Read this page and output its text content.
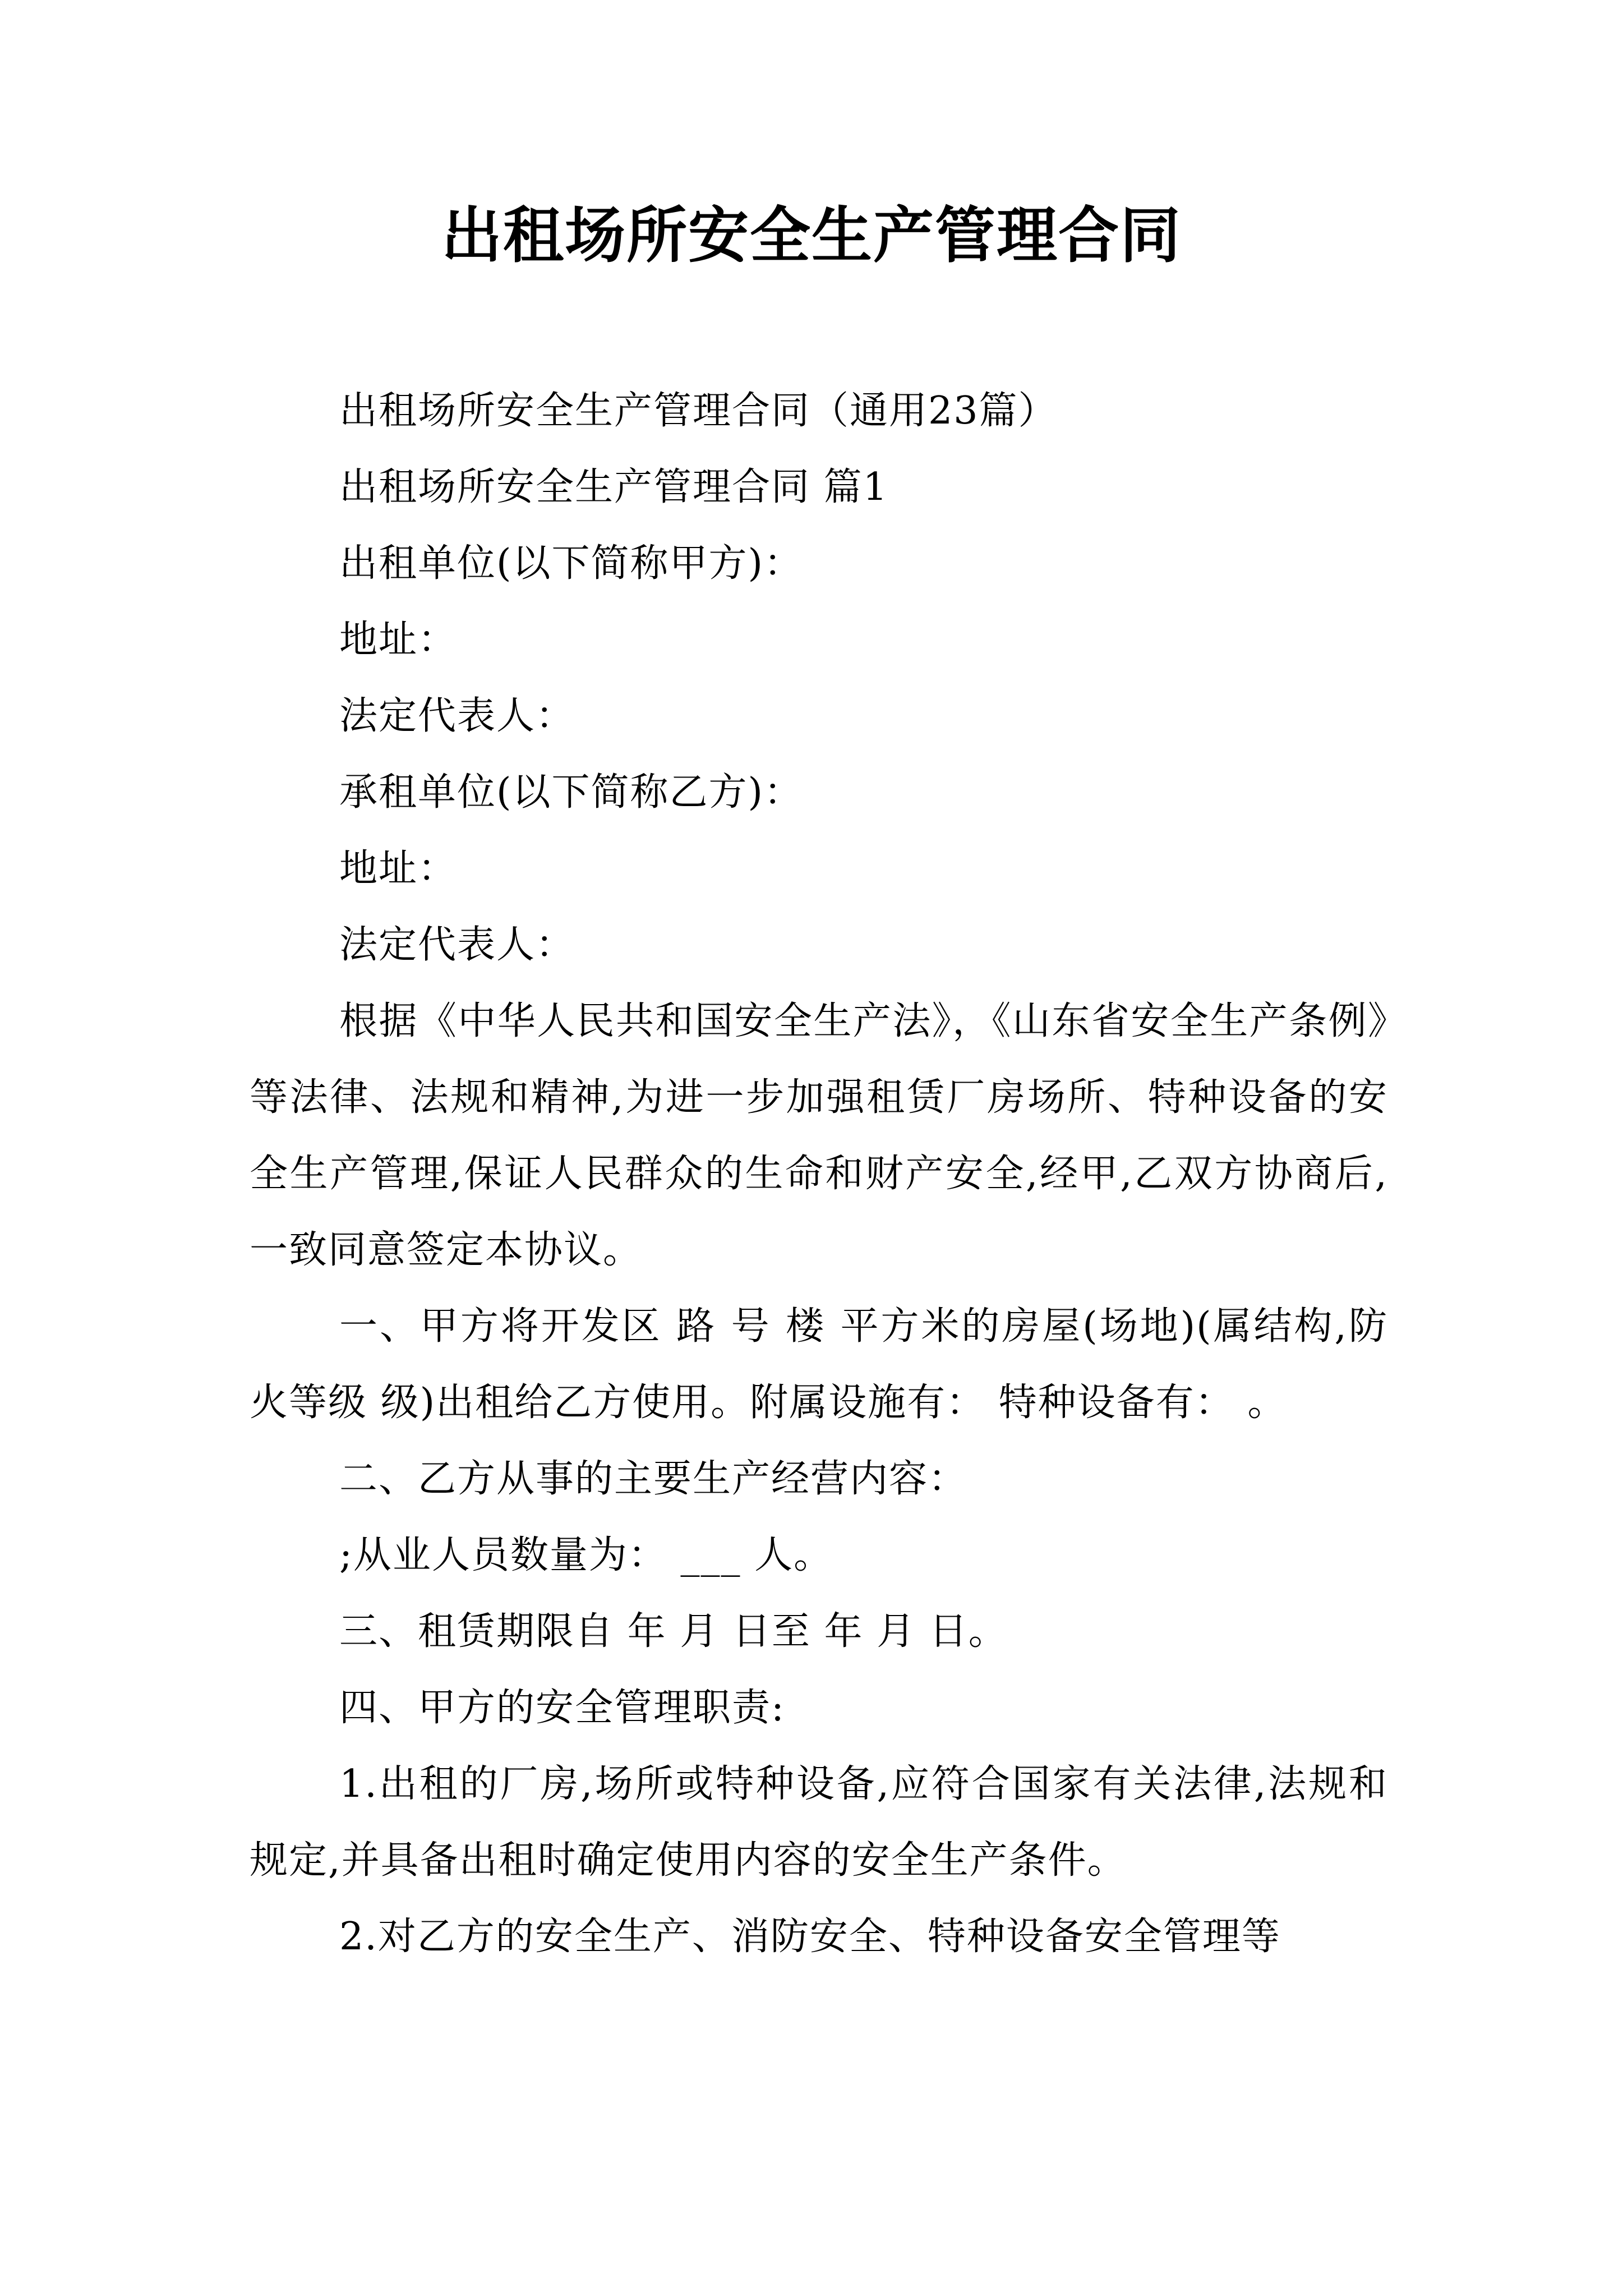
出租场所安全生产管理合同

出租场所安全生产管理合同（通用23篇）

出租场所安全生产管理合同 篇1

出租单位(以下简称甲方)：

地址：

法定代表人：

承租单位(以下简称乙方)：

地址：

法定代表人：

根据《中华人民共和国安全生产法》，《山东省安全生产条例》等法律、法规和精神,为进一步加强租赁厂房场所、特种设备的安全生产管理,保证人民群众的生命和财产安全,经甲,乙双方协商后,一致同意签定本协议。

一、甲方将开发区 路 号 楼 平方米的房屋(场地)(属结构,防火等级 级)出租给乙方使用。附属设施有： 特种设备有： 。

二、乙方从事的主要生产经营内容：

;从业人员数量为： ___ 人。

三、租赁期限自 年 月 日至 年 月 日。

四、甲方的安全管理职责:

1.出租的厂房,场所或特种设备,应符合国家有关法律,法规和规定,并具备出租时确定使用内容的安全生产条件。

2.对乙方的安全生产、消防安全、特种设备安全管理等
